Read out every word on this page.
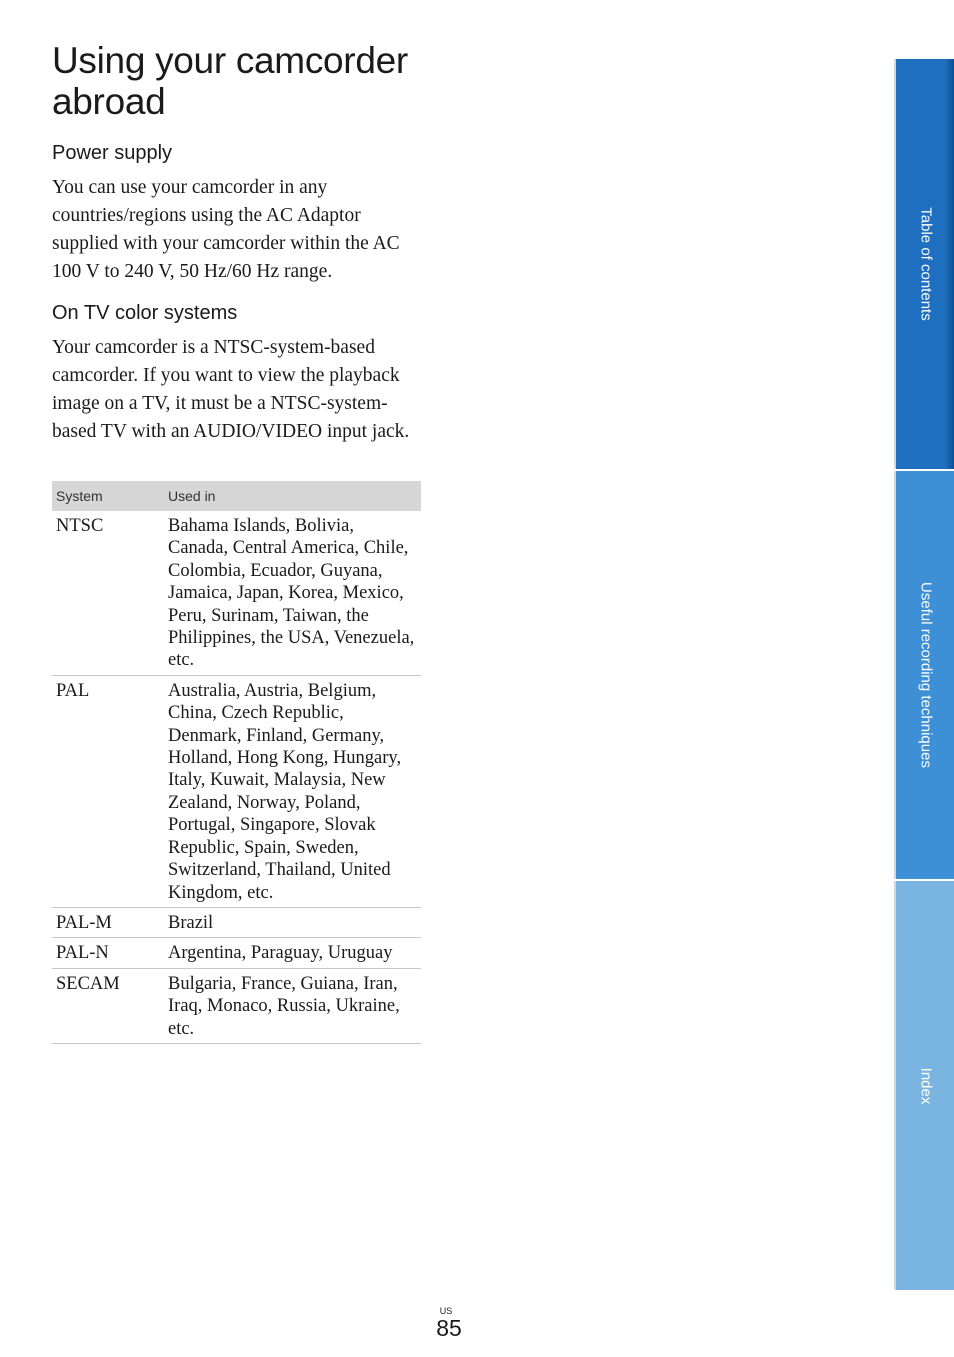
Using your camcorder abroad
Power supply

You can use your camcorder in any countries/regions using the AC Adaptor supplied with your camcorder within the AC 100 V to 240 V, 50 Hz/60 Hz range.

On TV color systems

Your camcorder is a NTSC-system-based camcorder. If you want to view the playback image on a TV, it must be a NTSC-system-based TV with an AUDIO/VIDEO input jack.

System	Used in
NTSC	Bahama Islands, Bolivia, Canada, Central America, Chile, Colombia, Ecuador, Guyana, Jamaica, Japan, Korea, Mexico, Peru, Surinam, Taiwan, the Philippines, the USA, Venezuela, etc.
PAL	Australia, Austria, Belgium, China, Czech Republic, Denmark, Finland, Germany, Holland, Hong Kong, Hungary, Italy, Kuwait, Malaysia, New Zealand, Norway, Poland, Portugal, Singapore, Slovak Republic, Spain, Sweden, Switzerland, Thailand, United Kingdom, etc.
PAL-M	Brazil
PAL-N	Argentina, Paraguay, Uruguay
SECAM	Bulgaria, France, Guiana, Iran, Iraq, Monaco, Russia, Ukraine, etc.
Table of contents
Useful recording techniques
Index
US
85
